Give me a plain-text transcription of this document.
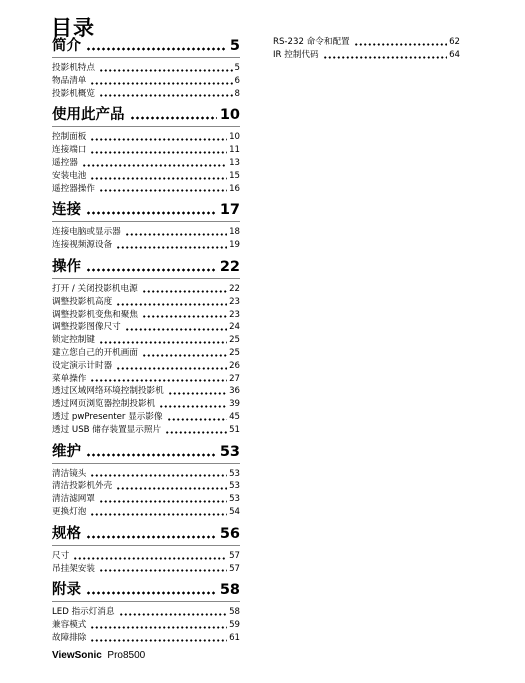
目录
简介	5
投影机特点	5
物品清单	6
投影机概览	8
使用此产品	10
控制面板	10
连接端口	11
遥控器	13
安装电池	15
遥控器操作	16
连接	17
连接电脑或显示器	18
连接视频源设备	19
操作	22
打开 / 关闭投影机电源	22
调整投影机高度	23
调整投影机变焦和聚焦	23
调整投影图像尺寸	24
锁定控制键	25
建立您自己的开机画面	25
设定演示计时器	26
菜单操作	27
透过区域网络环境控制投影机	36
透过网页浏览器控制投影机	39
透过 pwPresenter 显示影像	45
透过 USB 储存装置显示照片	51
维护	53
清洁镜头	53
清洁投影机外壳	53
清洁滤网罩	53
更换灯泡	54
规格	56
尺寸	57
吊挂架安装	57
附录	58
LED 指示灯消息	58
兼容模式	59
故障排除	61
RS-232 命令和配置	62
IR 控制代码	64
ViewSonic Pro8500
